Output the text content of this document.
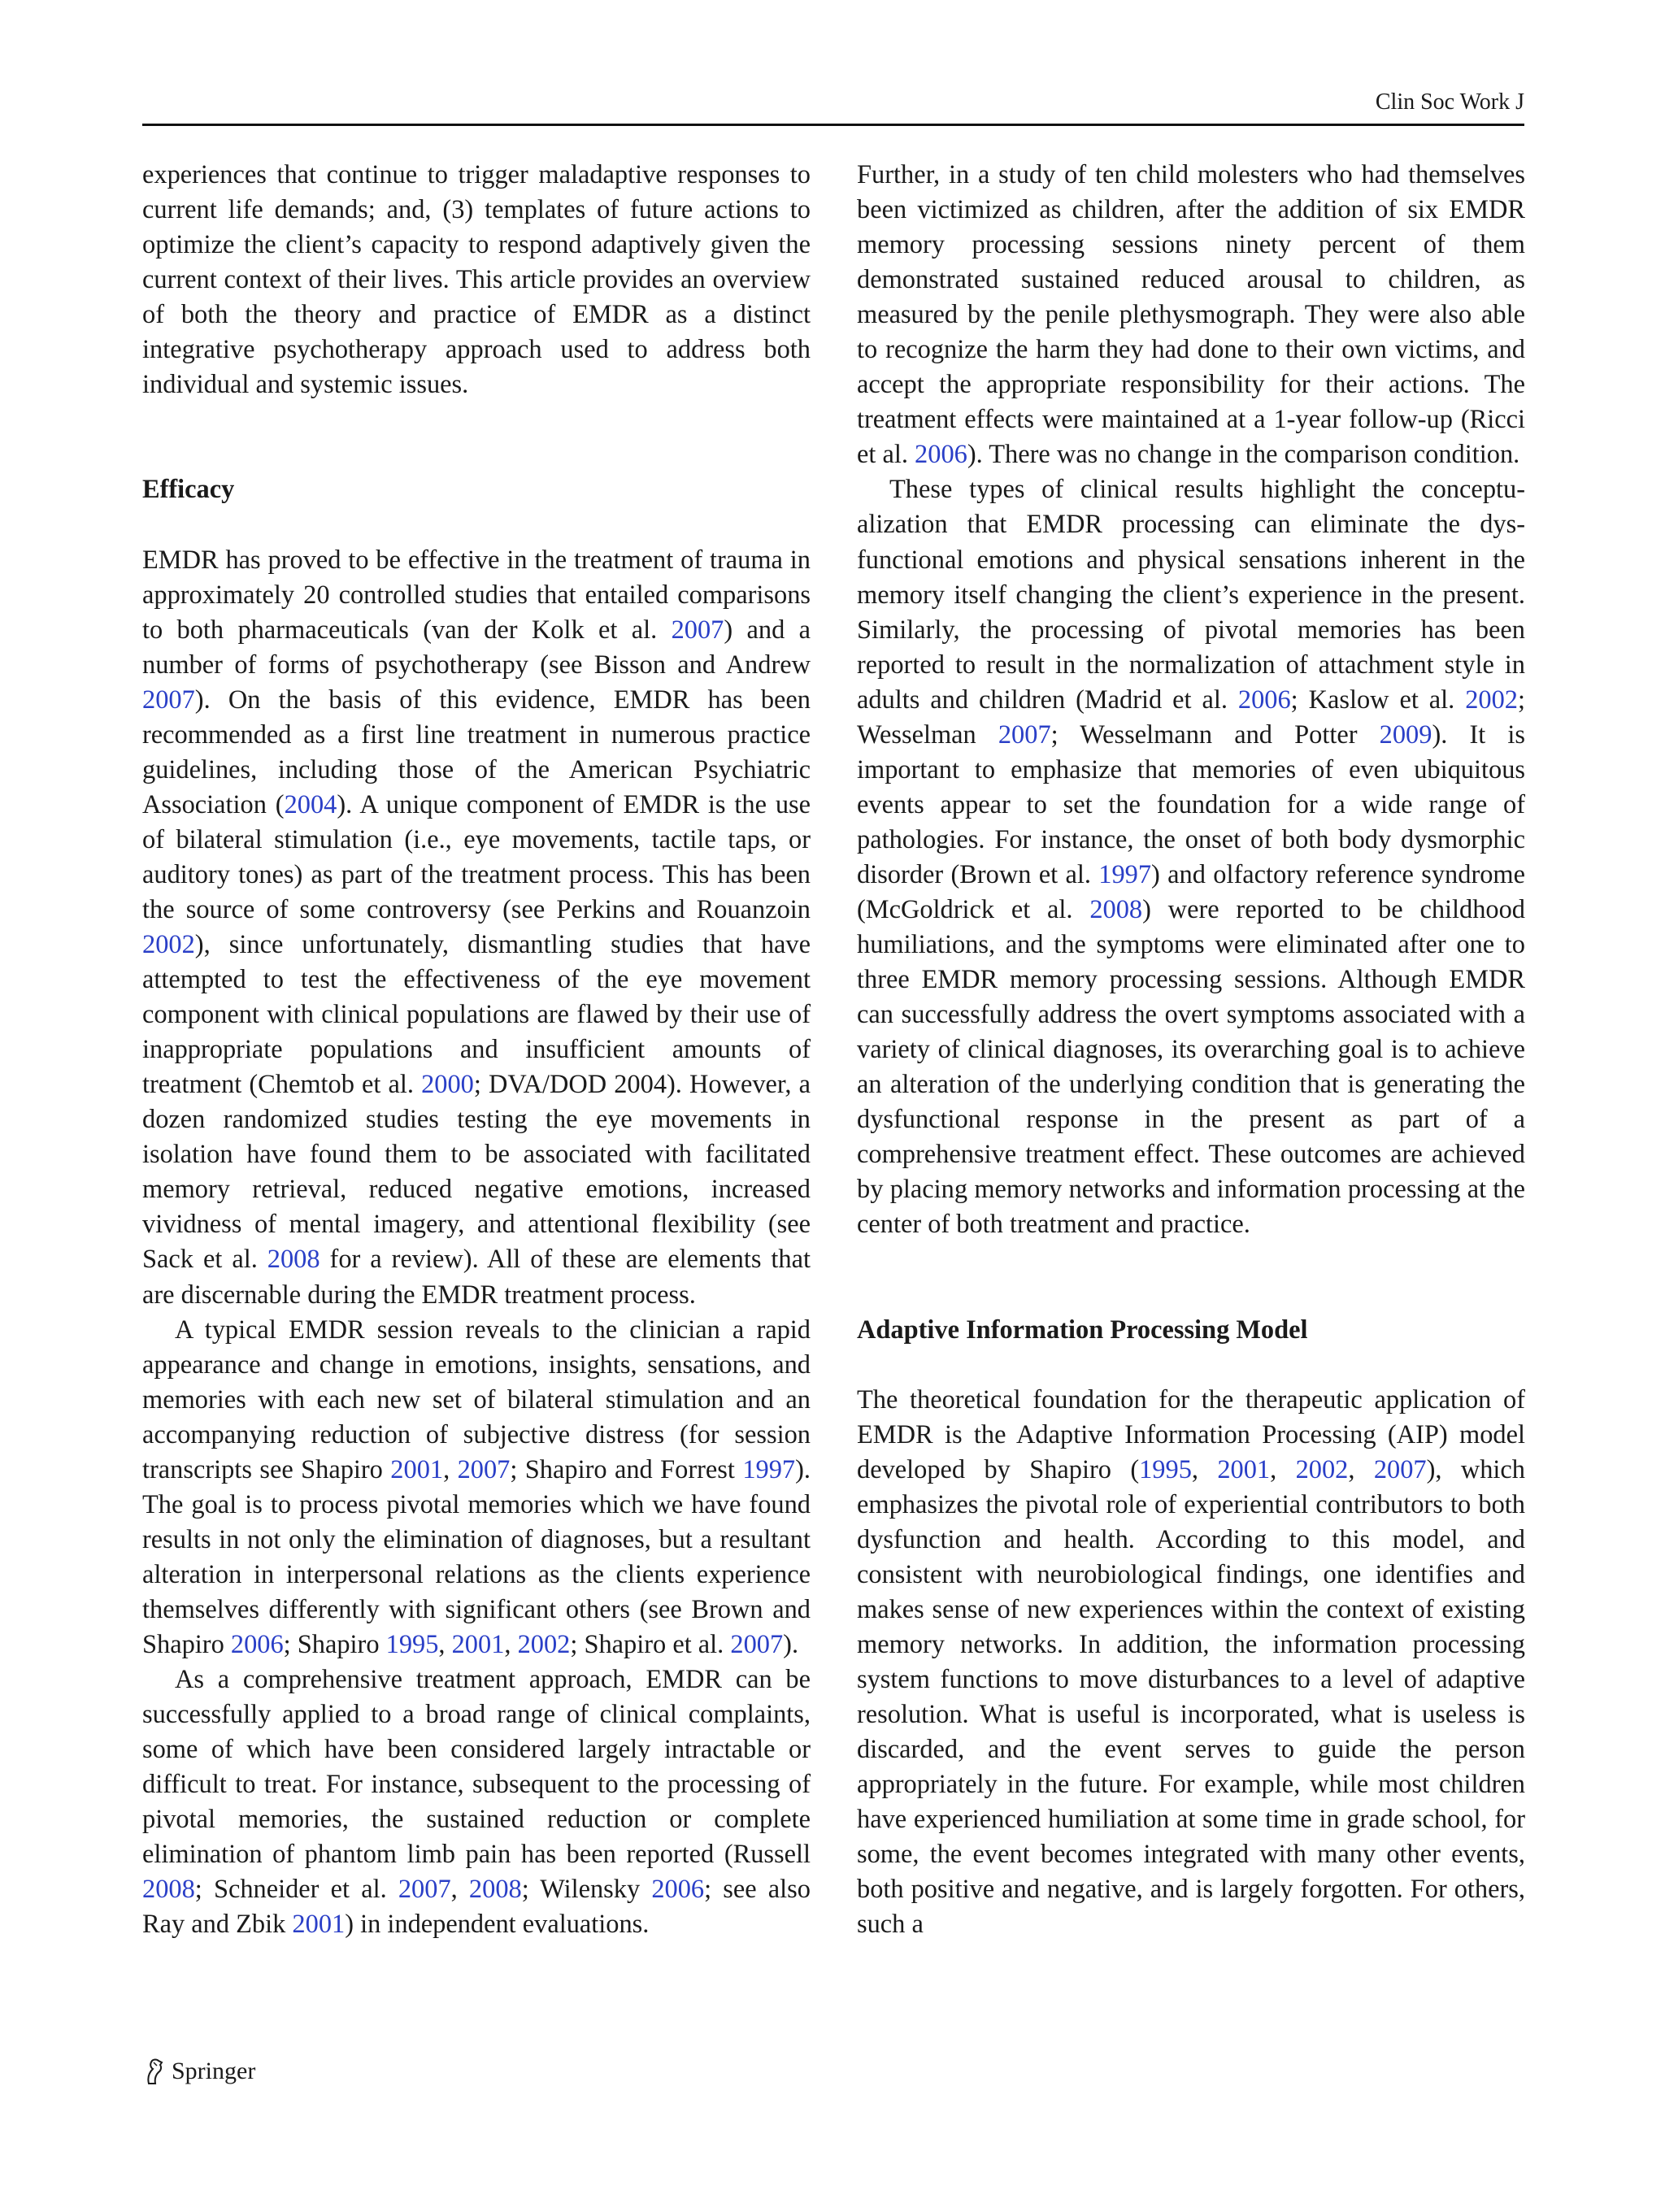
Clin Soc Work J

experiences that continue to trigger maladaptive responses to current life demands; and, (3) templates of future actions to optimize the client’s capacity to respond adaptively given the current context of their lives. This article provides an overview of both the theory and practice of EMDR as a distinct integrative psychotherapy approach used to address both individual and systemic issues.

Efficacy

EMDR has proved to be effective in the treatment of trauma in approximately 20 controlled studies that entailed comparisons to both pharmaceuticals (van der Kolk et al. 2007) and a number of forms of psychotherapy (see Bisson and Andrew 2007). On the basis of this evidence, EMDR has been recommended as a first line treatment in numerous practice guidelines, including those of the American Psychiatric Association (2004). A unique component of EMDR is the use of bilateral stimulation (i.e., eye movements, tactile taps, or auditory tones) as part of the treatment process. This has been the source of some controversy (see Perkins and Rouanzoin 2002), since unfortunately, dismantling studies that have attempted to test the effectiveness of the eye movement component with clinical populations are flawed by their use of inappropriate populations and insufficient amounts of treatment (Chemtob et al. 2000; DVA/DOD 2004). However, a dozen randomized studies testing the eye movements in isolation have found them to be associated with facilitated memory retrieval, reduced negative emotions, increased vividness of mental imagery, and attentional flexibility (see Sack et al. 2008 for a review). All of these are elements that are discernable during the EMDR treatment process.

A typical EMDR session reveals to the clinician a rapid appearance and change in emotions, insights, sensations, and memories with each new set of bilateral stimulation and an accompanying reduction of subjective distress (for session transcripts see Shapiro 2001, 2007; Shapiro and Forrest 1997). The goal is to process pivotal memories which we have found results in not only the elimination of diagnoses, but a resultant alteration in interpersonal relations as the clients experience themselves differently with significant others (see Brown and Shapiro 2006; Shapiro 1995, 2001, 2002; Shapiro et al. 2007).

As a comprehensive treatment approach, EMDR can be successfully applied to a broad range of clinical complaints, some of which have been considered largely intractable or difficult to treat. For instance, subsequent to the processing of pivotal memories, the sustained reduction or complete elimination of phantom limb pain has been reported (Russell 2008; Schneider et al. 2007, 2008; Wilensky 2006; see also Ray and Zbik 2001) in independent evaluations.

Further, in a study of ten child molesters who had themselves been victimized as children, after the addition of six EMDR memory processing sessions ninety percent of them demonstrated sustained reduced arousal to children, as measured by the penile plethysmograph. They were also able to recognize the harm they had done to their own victims, and accept the appropriate responsibility for their actions. The treatment effects were maintained at a 1-year follow-up (Ricci et al. 2006). There was no change in the comparison condition.

These types of clinical results highlight the conceptualization that EMDR processing can eliminate the dysfunctional emotions and physical sensations inherent in the memory itself changing the client’s experience in the present. Similarly, the processing of pivotal memories has been reported to result in the normalization of attachment style in adults and children (Madrid et al. 2006; Kaslow et al. 2002; Wesselman 2007; Wesselmann and Potter 2009). It is important to emphasize that memories of even ubiquitous events appear to set the foundation for a wide range of pathologies. For instance, the onset of both body dysmorphic disorder (Brown et al. 1997) and olfactory reference syndrome (McGoldrick et al. 2008) were reported to be childhood humiliations, and the symptoms were eliminated after one to three EMDR memory processing sessions. Although EMDR can successfully address the overt symptoms associated with a variety of clinical diagnoses, its overarching goal is to achieve an alteration of the underlying condition that is generating the dysfunctional response in the present as part of a comprehensive treatment effect. These outcomes are achieved by placing memory networks and information processing at the center of both treatment and practice.

Adaptive Information Processing Model

The theoretical foundation for the therapeutic application of EMDR is the Adaptive Information Processing (AIP) model developed by Shapiro (1995, 2001, 2002, 2007), which emphasizes the pivotal role of experiential contributors to both dysfunction and health. According to this model, and consistent with neurobiological findings, one identifies and makes sense of new experiences within the context of existing memory networks. In addition, the information processing system functions to move disturbances to a level of adaptive resolution. What is useful is incorporated, what is useless is discarded, and the event serves to guide the person appropriately in the future. For example, while most children have experienced humiliation at some time in grade school, for some, the event becomes integrated with many other events, both positive and negative, and is largely forgotten. For others, such a

Springer
